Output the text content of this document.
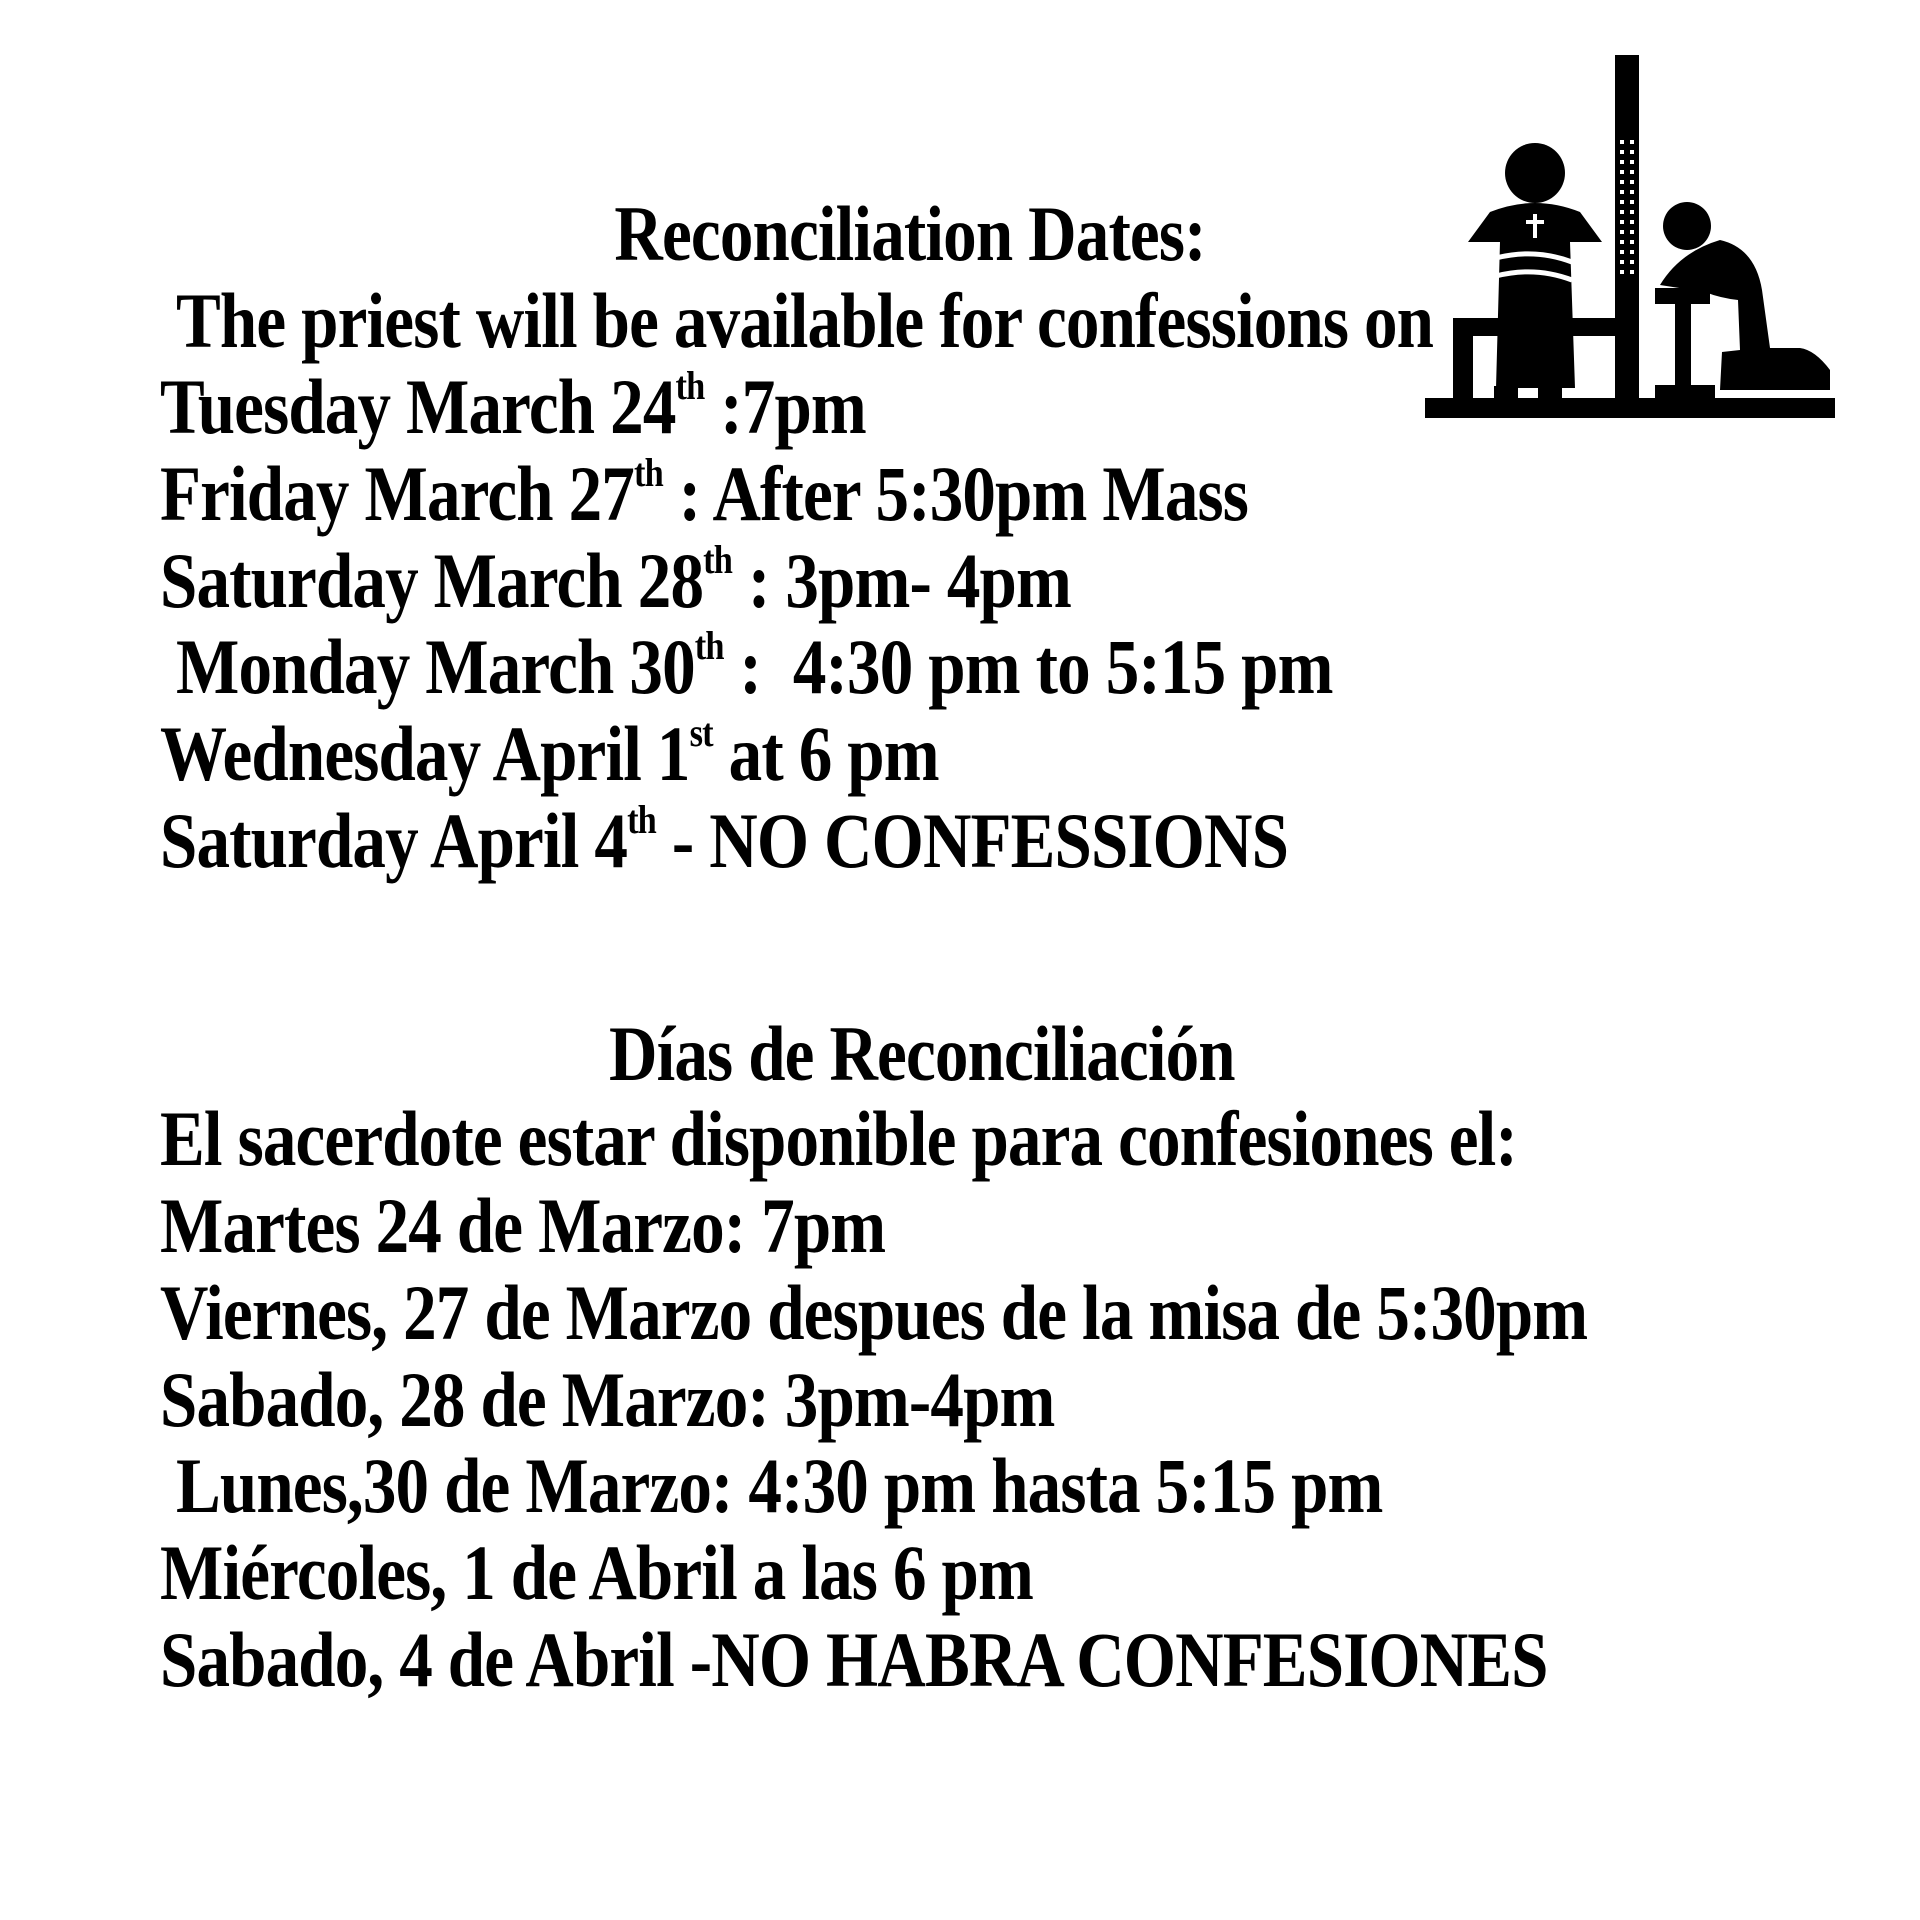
Reconciliation Dates:
The priest will be available for confessions on
Tuesday March 24th :7pm
Friday March 27th : After 5:30pm Mass
Saturday March 28th : 3pm- 4pm
Monday March 30th :  4:30 pm to 5:15 pm
Wednesday April 1st at 6 pm
Saturday April 4th - NO CONFESSIONS
Días de Reconciliación
El sacerdote estar disponible para confesiones el:
Martes 24 de Marzo: 7pm
Viernes, 27 de Marzo despues de la misa de 5:30pm
Sabado, 28 de Marzo: 3pm-4pm
Lunes,30 de Marzo: 4:30 pm hasta 5:15 pm
Miércoles, 1 de Abril a las 6 pm
Sabado, 4 de Abril -NO HABRA CONFESIONES
